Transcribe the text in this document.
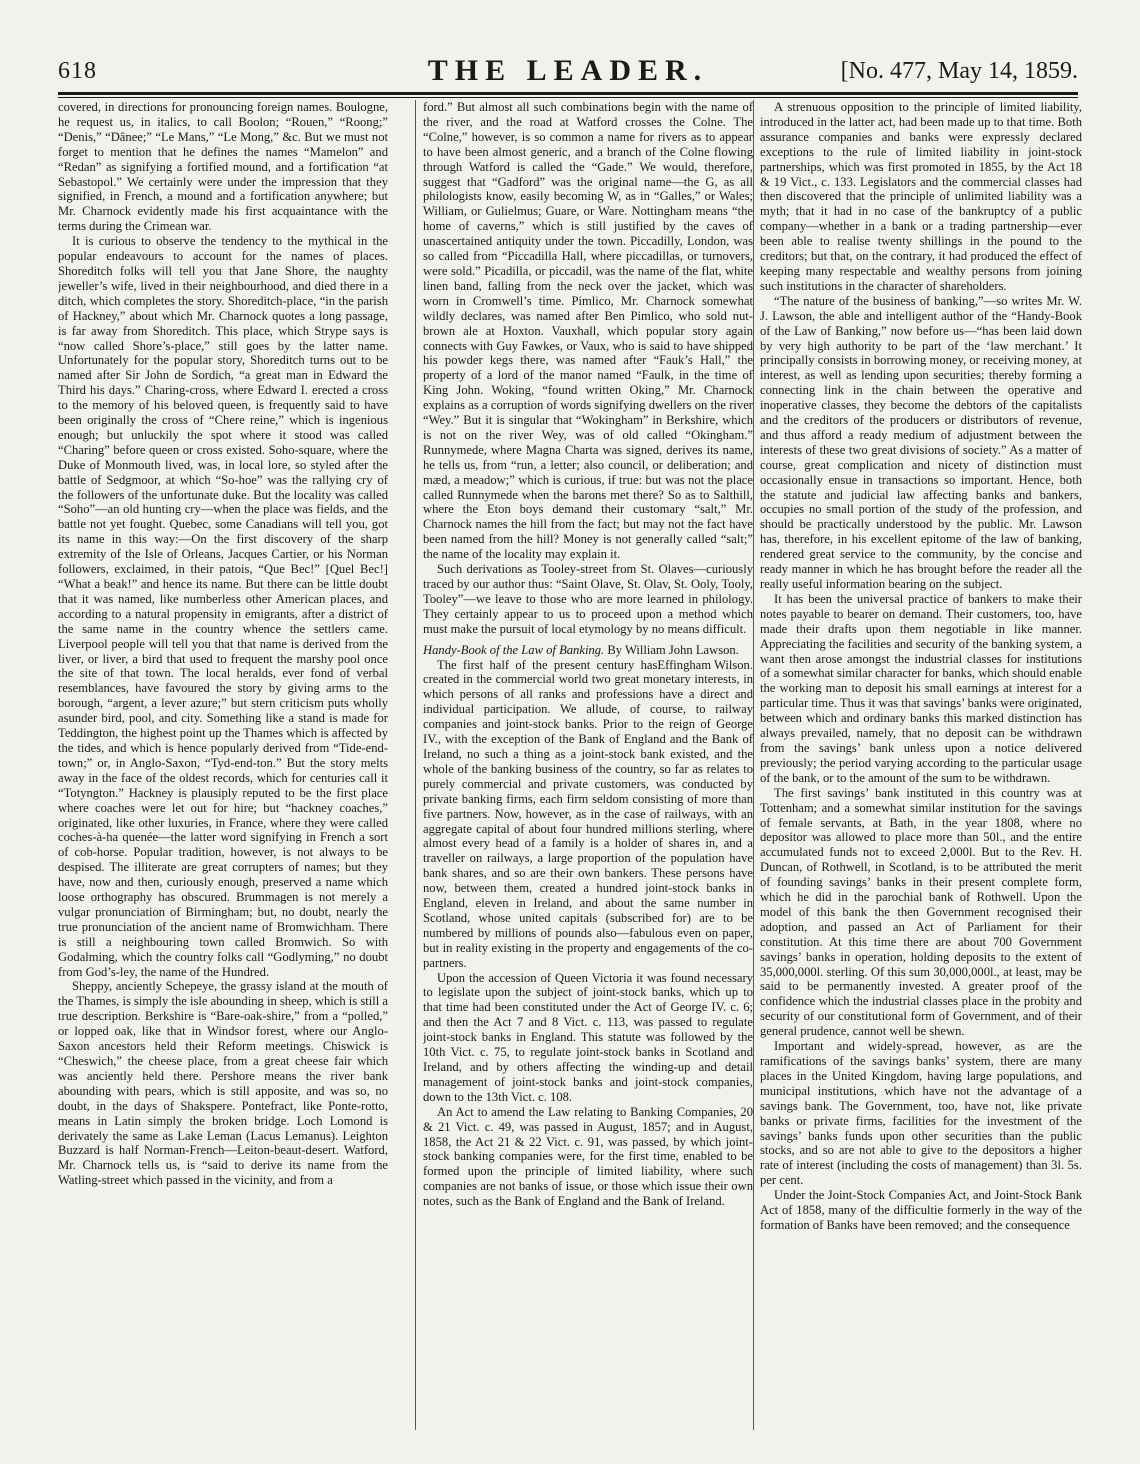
618	THE LEADER.	[No. 477, May 14, 1859.

covered, in directions for pronouncing foreign names. Boulogne, he request us, in italics, to call Boolon; “Rouen,” “Roong;” “Denis,” “Dânee;” “Le Mans,” “Le Mong,” &c. But we must not forget to mention that he defines the names “Mamelon” and “Redan” as signifying a fortified mound, and a fortification “at Sebastopol.” We certainly were under the impression that they signified, in French, a mound and a fortification anywhere; but Mr. Charnock evidently made his first acquaintance with the terms during the Crimean war.

It is curious to observe the tendency to the mythical in the popular endeavours to account for the names of places. Shoreditch folks will tell you that Jane Shore, the naughty jeweller’s wife, lived in their neighbourhood, and died there in a ditch, which completes the story. Shoreditch-place, “in the parish of Hackney,” about which Mr. Charnock quotes a long passage, is far away from Shoreditch. This place, which Strype says is “now called Shore’s-place,” still goes by the latter name. Unfortunately for the popular story, Shoreditch turns out to be named after Sir John de Sordich, “a great man in Edward the Third his days.” Charing-cross, where Edward I. erected a cross to the memory of his beloved queen, is frequently said to have been originally the cross of “Chere reine,” which is ingenious enough; but unluckily the spot where it stood was called “Charing” before queen or cross existed. Soho-square, where the Duke of Monmouth lived, was, in local lore, so styled after the battle of Sedgmoor, at which “So-hoe” was the rallying cry of the followers of the unfortunate duke. But the locality was called “Soho”—an old hunting cry—when the place was fields, and the battle not yet fought. Quebec, some Canadians will tell you, got its name in this way:—On the first discovery of the sharp extremity of the Isle of Orleans, Jacques Cartier, or his Norman followers, exclaimed, in their patois, “Que Bec!” [Quel Bec!] “What a beak!” and hence its name. But there can be little doubt that it was named, like numberless other American places, and according to a natural propensity in emigrants, after a district of the same name in the country whence the settlers came. Liverpool people will tell you that that name is derived from the liver, or liver, a bird that used to frequent the marshy pool once the site of that town. The local heralds, ever fond of verbal resemblances, have favoured the story by giving arms to the borough, “argent, a lever azure;” but stern criticism puts wholly asunder bird, pool, and city. Something like a stand is made for Teddington, the highest point up the Thames which is affected by the tides, and which is hence popularly derived from “Tide-end-town;” or, in Anglo-Saxon, “Tyd-end-ton.” But the story melts away in the face of the oldest records, which for centuries call it “Totyngton.” Hackney is plausiply reputed to be the first place where coaches were let out for hire; but “hackney coaches,” originated, like other luxuries, in France, where they were called coches-à-ha quenée—the latter word signifying in French a sort of cob-horse. Popular tradition, however, is not always to be despised. The illiterate are great corrupters of names; but they have, now and then, curiously enough, preserved a name which loose orthography has obscured. Brummagen is not merely a vulgar pronunciation of Birmingham; but, no doubt, nearly the true pronunciation of the ancient name of Bromwichham. There is still a neighbouring town called Bromwich. So with Godalming, which the country folks call “Godlyming,” no doubt from God’s-ley, the name of the Hundred.

Sheppy, anciently Schepeye, the grassy island at the mouth of the Thames, is simply the isle abounding in sheep, which is still a true description. Berkshire is “Bare-oak-shire,” from a “polled,” or lopped oak, like that in Windsor forest, where our Anglo-Saxon ancestors held their Reform meetings. Chiswick is “Cheswich,” the cheese place, from a great cheese fair which was anciently held there. Pershore means the river bank abounding with pears, which is still apposite, and was so, no doubt, in the days of Shakspere. Pontefract, like Ponte-rotto, means in Latin simply the broken bridge. Loch Lomond is derivately the same as Lake Leman (Lacus Lemanus). Leighton Buzzard is half Norman-French—Leiton-beaut-desert. Watford, Mr. Charnock tells us, is “said to derive its name from the Watling-street which passed in the vicinity, and from a

ford.” But almost all such combinations begin with the name of the river, and the road at Watford crosses the Colne. The “Colne,” however, is so common a name for rivers as to appear to have been almost generic, and a branch of the Colne flowing through Watford is called the “Gade.” We would, therefore, suggest that “Gadford” was the original name—the G, as all philologists know, easily becoming W, as in “Galles,” or Wales; William, or Gulielmus; Guare, or Ware. Nottingham means “the home of caverns,” which is still justified by the caves of unascertained antiquity under the town. Piccadilly, London, was so called from “Piccadilla Hall, where piccadillas, or turnovers, were sold.” Picadilla, or piccadil, was the name of the flat, white linen band, falling from the neck over the jacket, which was worn in Cromwell’s time. Pimlico, Mr. Charnock somewhat wildly declares, was named after Ben Pimlico, who sold nut-brown ale at Hoxton. Vauxhall, which popular story again connects with Guy Fawkes, or Vaux, who is said to have shipped his powder kegs there, was named after “Fauk’s Hall,” the property of a lord of the manor named “Faulk, in the time of King John. Woking, “found written Oking,” Mr. Charnock explains as a corruption of words signifying dwellers on the river “Wey.” But it is singular that “Wokingham” in Berkshire, which is not on the river Wey, was of old called “Okingham.” Runnymede, where Magna Charta was signed, derives its name, he tells us, from “run, a letter; also council, or deliberation; and mæd, a meadow;” which is curious, if true: but was not the place called Runnymede when the barons met there? So as to Salthill, where the Eton boys demand their customary “salt,” Mr. Charnock names the hill from the fact; but may not the fact have been named from the hill? Money is not generally called “salt;” the name of the locality may explain it.

Such derivations as Tooley-street from St. Olaves—curiously traced by our author thus: “Saint Olave, St. Olav, St. Ooly, Tooly, Tooley”—we leave to those who are more learned in philology. They certainly appear to us to proceed upon a method which must make the pursuit of local etymology by no means difficult.

Handy-Book of the Law of Banking. By William John Lawson.
Effingham Wilson.

The first half of the present century has created in the commercial world two great monetary interests, in which persons of all ranks and professions have a direct and individual participation. We allude, of course, to railway companies and joint-stock banks. Prior to the reign of George IV., with the exception of the Bank of England and the Bank of Ireland, no such a thing as a joint-stock bank existed, and the whole of the banking business of the country, so far as relates to purely commercial and private customers, was conducted by private banking firms, each firm seldom consisting of more than five partners. Now, however, as in the case of railways, with an aggregate capital of about four hundred millions sterling, where almost every head of a family is a holder of shares in, and a traveller on railways, a large proportion of the population have bank shares, and so are their own bankers. These persons have now, between them, created a hundred joint-stock banks in England, eleven in Ireland, and about the same number in Scotland, whose united capitals (subscribed for) are to be numbered by millions of pounds also—fabulous even on paper, but in reality existing in the property and engagements of the co-partners.

Upon the accession of Queen Victoria it was found necessary to legislate upon the subject of joint-stock banks, which up to that time had been constituted under the Act of George IV. c. 6; and then the Act 7 and 8 Vict. c. 113, was passed to regulate joint-stock banks in England. This statute was followed by the 10th Vict. c. 75, to regulate joint-stock banks in Scotland and Ireland, and by others affecting the winding-up and detail management of joint-stock banks and joint-stock companies, down to the 13th Vict. c. 108.

An Act to amend the Law relating to Banking Companies, 20 & 21 Vict. c. 49, was passed in August, 1857; and in August, 1858, the Act 21 & 22 Vict. c. 91, was passed, by which joint-stock banking companies were, for the first time, enabled to be formed upon the principle of limited liability, where such companies are not banks of issue, or those which issue their own notes, such as the Bank of England and the Bank of Ireland.

A strenuous opposition to the principle of limited liability, introduced in the latter act, had been made up to that time. Both assurance companies and banks were expressly declared exceptions to the rule of limited liability in joint-stock partnerships, which was first promoted in 1855, by the Act 18 & 19 Vict., c. 133. Legislators and the commercial classes had then discovered that the principle of unlimited liability was a myth; that it had in no case of the bankruptcy of a public company—whether in a bank or a trading partnership—ever been able to realise twenty shillings in the pound to the creditors; but that, on the contrary, it had produced the effect of keeping many respectable and wealthy persons from joining such institutions in the character of shareholders.

“The nature of the business of banking,”—so writes Mr. W. J. Lawson, the able and intelligent author of the “Handy-Book of the Law of Banking,” now before us—“has been laid down by very high authority to be part of the ‘law merchant.’ It principally consists in borrowing money, or receiving money, at interest, as well as lending upon securities; thereby forming a connecting link in the chain between the operative and inoperative classes, they become the debtors of the capitalists and the creditors of the producers or distributors of revenue, and thus afford a ready medium of adjustment between the interests of these two great divisions of society.” As a matter of course, great complication and nicety of distinction must occasionally ensue in transactions so important. Hence, both the statute and judicial law affecting banks and bankers, occupies no small portion of the study of the profession, and should be practically understood by the public. Mr. Lawson has, therefore, in his excellent epitome of the law of banking, rendered great service to the community, by the concise and ready manner in which he has brought before the reader all the really useful information bearing on the subject.

It has been the universal practice of bankers to make their notes payable to bearer on demand. Their customers, too, have made their drafts upon them negotiable in like manner. Appreciating the facilities and security of the banking system, a want then arose amongst the industrial classes for institutions of a somewhat similar character for banks, which should enable the working man to deposit his small earnings at interest for a particular time. Thus it was that savings’ banks were originated, between which and ordinary banks this marked distinction has always prevailed, namely, that no deposit can be withdrawn from the savings’ bank unless upon a notice delivered previously; the period varying according to the particular usage of the bank, or to the amount of the sum to be withdrawn.

The first savings’ bank instituted in this country was at Tottenham; and a somewhat similar institution for the savings of female servants, at Bath, in the year 1808, where no depositor was allowed to place more than 50l., and the entire accumulated funds not to exceed 2,000l. But to the Rev. H. Duncan, of Rothwell, in Scotland, is to be attributed the merit of founding savings’ banks in their present complete form, which he did in the parochial bank of Rothwell. Upon the model of this bank the then Government recognised their adoption, and passed an Act of Parliament for their constitution. At this time there are about 700 Government savings’ banks in operation, holding deposits to the extent of 35,000,000l. sterling. Of this sum 30,000,000l., at least, may be said to be permanently invested. A greater proof of the confidence which the industrial classes place in the probity and security of our constitutional form of Government, and of their general prudence, cannot well be shewn.

Important and widely-spread, however, as are the ramifications of the savings banks’ system, there are many places in the United Kingdom, having large populations, and municipal institutions, which have not the advantage of a savings bank. The Government, too, have not, like private banks or private firms, facilities for the investment of the savings’ banks funds upon other securities than the public stocks, and so are not able to give to the depositors a higher rate of interest (including the costs of management) than 3l. 5s. per cent.

Under the Joint-Stock Companies Act, and Joint-Stock Bank Act of 1858, many of the difficultie formerly in the way of the formation of Banks have been removed; and the consequence
